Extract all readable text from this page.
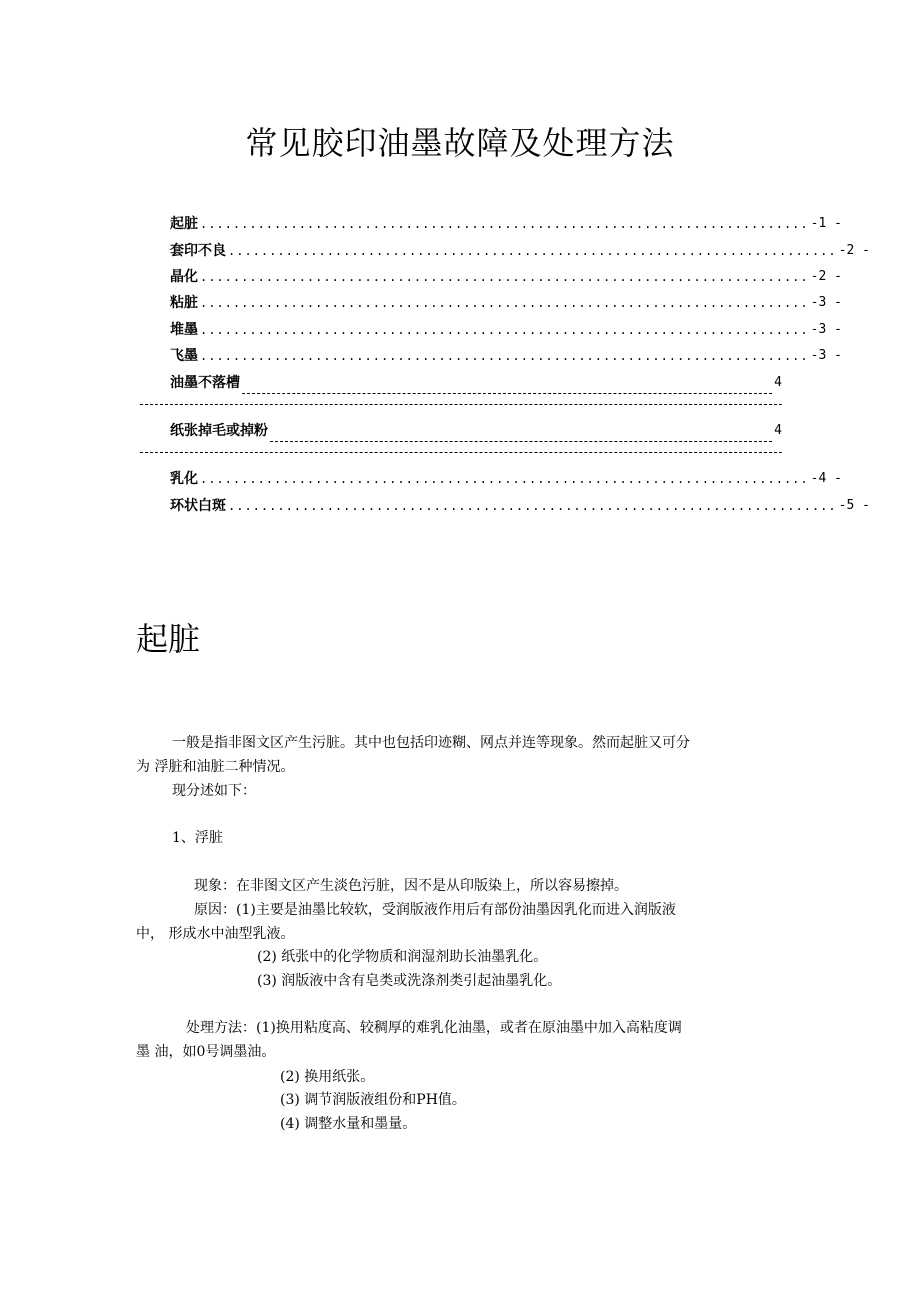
常见胶印油墨故障及处理方法
起脏 .......................................................................... -1 -
套印不良 .......................................................................... -2 -
晶化 .......................................................................... -2 -
粘脏 .......................................................................... -3 -
堆墨 .......................................................................... -3 -
飞墨 .......................................................................... -3 -
油墨不落槽	4
纸张掉毛或掉粉	4
乳化 .......................................................................... -4 -
环状白斑 .......................................................................... -5 -
起脏
一般是指非图文区产生污脏。其中也包括印迹糊、网点并连等现象。然而起脏又可分
为 浮脏和油脏二种情况。
现分述如下：
1、浮脏
现象：在非图文区产生淡色污脏，因不是从印版染上，所以容易擦掉。
原因：(1)主要是油墨比较软，受润版液作用后有部份油墨因乳化而进入润版液
中， 形成水中油型乳液。
(2) 纸张中的化学物质和润湿剂助长油墨乳化。
(3) 润版液中含有皂类或洗涤剂类引起油墨乳化。
处理方法：(1)换用粘度高、较稠厚的难乳化油墨，或者在原油墨中加入高粘度调
墨 油，如0号调墨油。
(2) 换用纸张。
(3) 调节润版液组份和PH值。
(4) 调整水量和墨量。
